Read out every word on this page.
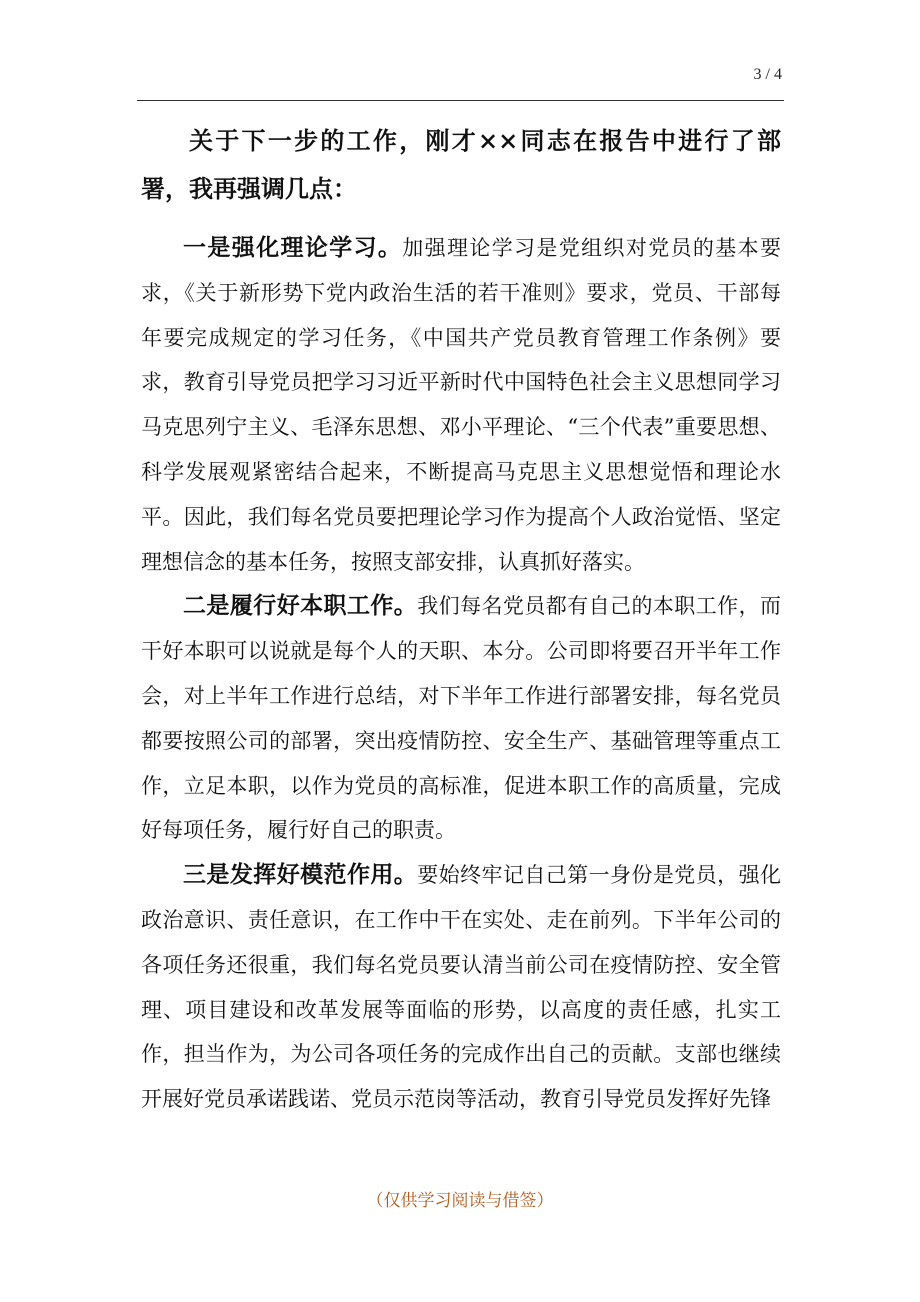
3 / 4

关于下一步的工作，刚才××同志在报告中进行了部署，我再强调几点：

一是强化理论学习。加强理论学习是党组织对党员的基本要求，《关于新形势下党内政治生活的若干准则》要求，党员、干部每年要完成规定的学习任务，《中国共产党员教育管理工作条例》要求，教育引导党员把学习习近平新时代中国特色社会主义思想同学习马克思列宁主义、毛泽东思想、邓小平理论、“三个代表”重要思想、科学发展观紧密结合起来，不断提高马克思主义思想觉悟和理论水平。因此，我们每名党员要把理论学习作为提高个人政治觉悟、坚定理想信念的基本任务，按照支部安排，认真抓好落实。

二是履行好本职工作。我们每名党员都有自己的本职工作，而干好本职可以说就是每个人的天职、本分。公司即将要召开半年工作会，对上半年工作进行总结，对下半年工作进行部署安排，每名党员都要按照公司的部署，突出疫情防控、安全生产、基础管理等重点工作，立足本职，以作为党员的高标准，促进本职工作的高质量，完成好每项任务，履行好自己的职责。

三是发挥好模范作用。要始终牢记自己第一身份是党员，强化政治意识、责任意识，在工作中干在实处、走在前列。下半年公司的各项任务还很重，我们每名党员要认清当前公司在疫情防控、安全管理、项目建设和改革发展等面临的形势，以高度的责任感，扎实工作，担当作为，为公司各项任务的完成作出自己的贡献。支部也继续开展好党员承诺践诺、党员示范岗等活动，教育引导党员发挥好先锋

（仅供学习阅读与借签）
